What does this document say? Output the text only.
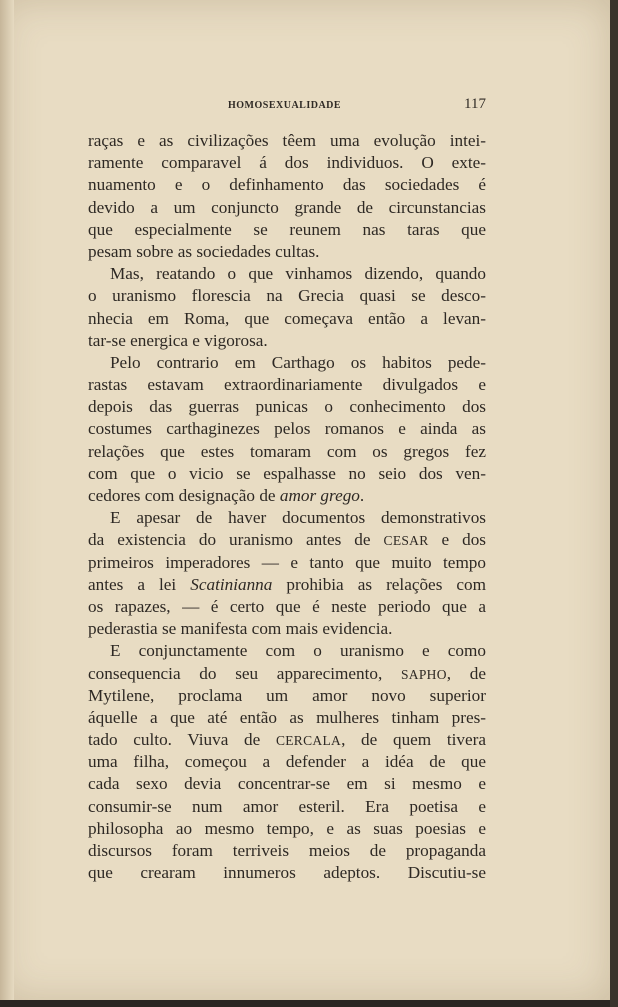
HOMOSEXUALIDADE	117
raças e as civilizações têem uma evolução intei-
ramente comparavel á dos individuos. O exte-
nuamento e o definhamento das sociedades é
devido a um conjuncto grande de circunstancias
que especialmente se reunem nas taras que
pesam sobre as sociedades cultas.
Mas, reatando o que vinhamos dizendo, quando
o uranismo florescia na Grecia quasi se desco-
nhecia em Roma, que começava então a levan-
tar-se energica e vigorosa.
Pelo contrario em Carthago os habitos pede-
rastas estavam extraordinariamente divulgados e
depois das guerras punicas o conhecimento dos
costumes carthaginezes pelos romanos e ainda as
relações que estes tomaram com os gregos fez
com que o vicio se espalhasse no seio dos ven-
cedores com designação de amor grego.
E apesar de haver documentos demonstrativos
da existencia do uranismo antes de CESAR e dos
primeiros imperadores — e tanto que muito tempo
antes a lei Scatinianna prohibia as relações com
os rapazes, — é certo que é neste periodo que a
pederastia se manifesta com mais evidencia.
E conjunctamente com o uranismo e como
consequencia do seu apparecimento, SAPHO, de
Mytilene, proclama um amor novo superior
áquelle a que até então as mulheres tinham pres-
tado culto. Viuva de CERCALA, de quem tivera
uma filha, começou a defender a idéa de que
cada sexo devia concentrar-se em si mesmo e
consumir-se num amor esteril. Era poetisa e
philosopha ao mesmo tempo, e as suas poesias e
discursos foram terriveis meios de propaganda
que crearam innumeros adeptos. Discutiu-se
